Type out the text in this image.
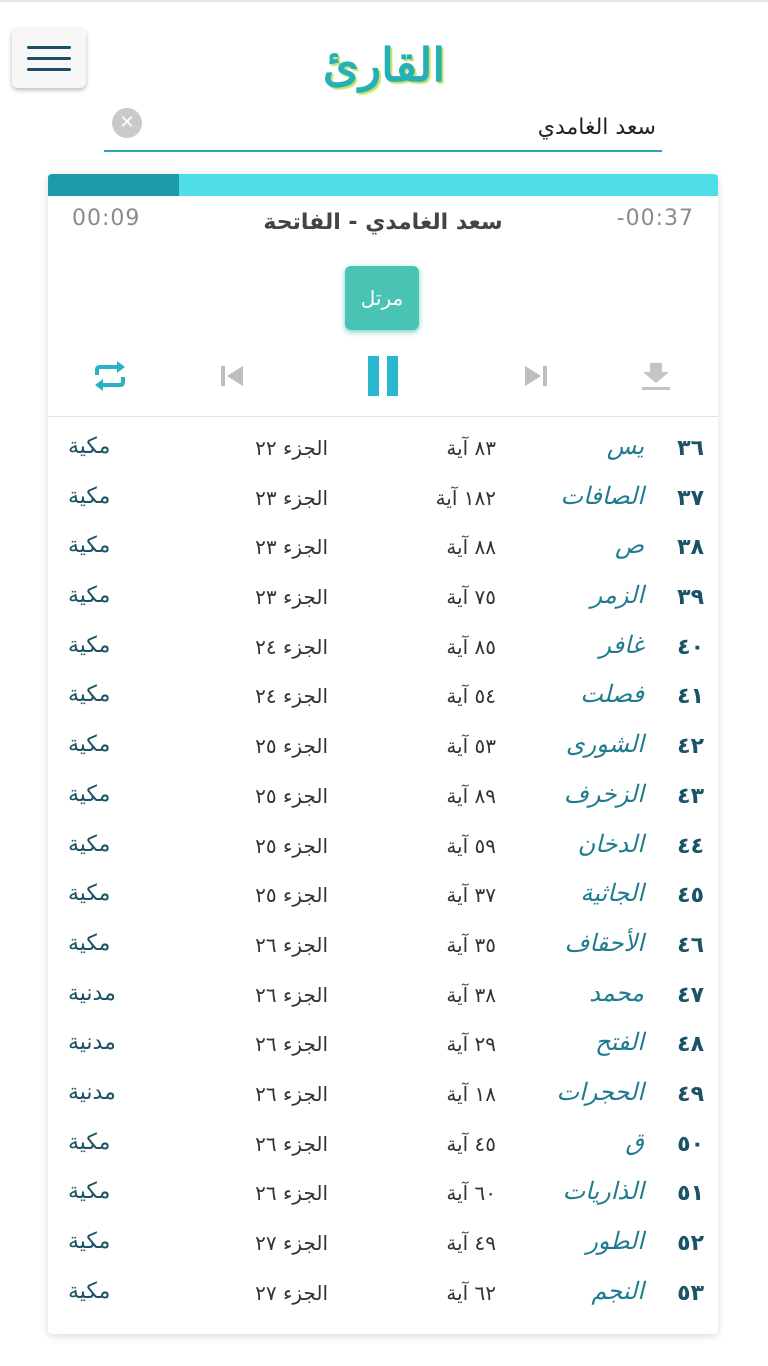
القارئ
سعد الغامدي
✕
00:09	سعد الغامدي - الفاتحة	-00:37
مرتل
٣٦
يس
٨٣ آية
الجزء ٢٢
مكية
٣٧
الصافات
١٨٢ آية
الجزء ٢٣
مكية
٣٨
ص
٨٨ آية
الجزء ٢٣
مكية
٣٩
الزمر
٧٥ آية
الجزء ٢٣
مكية
٤٠
غافر
٨٥ آية
الجزء ٢٤
مكية
٤١
فصلت
٥٤ آية
الجزء ٢٤
مكية
٤٢
الشورى
٥٣ آية
الجزء ٢٥
مكية
٤٣
الزخرف
٨٩ آية
الجزء ٢٥
مكية
٤٤
الدخان
٥٩ آية
الجزء ٢٥
مكية
٤٥
الجاثية
٣٧ آية
الجزء ٢٥
مكية
٤٦
الأحقاف
٣٥ آية
الجزء ٢٦
مكية
٤٧
محمد
٣٨ آية
الجزء ٢٦
مدنية
٤٨
الفتح
٢٩ آية
الجزء ٢٦
مدنية
٤٩
الحجرات
١٨ آية
الجزء ٢٦
مدنية
٥٠
ق
٤٥ آية
الجزء ٢٦
مكية
٥١
الذاريات
٦٠ آية
الجزء ٢٦
مكية
٥٢
الطور
٤٩ آية
الجزء ٢٧
مكية
٥٣
النجم
٦٢ آية
الجزء ٢٧
مكية
